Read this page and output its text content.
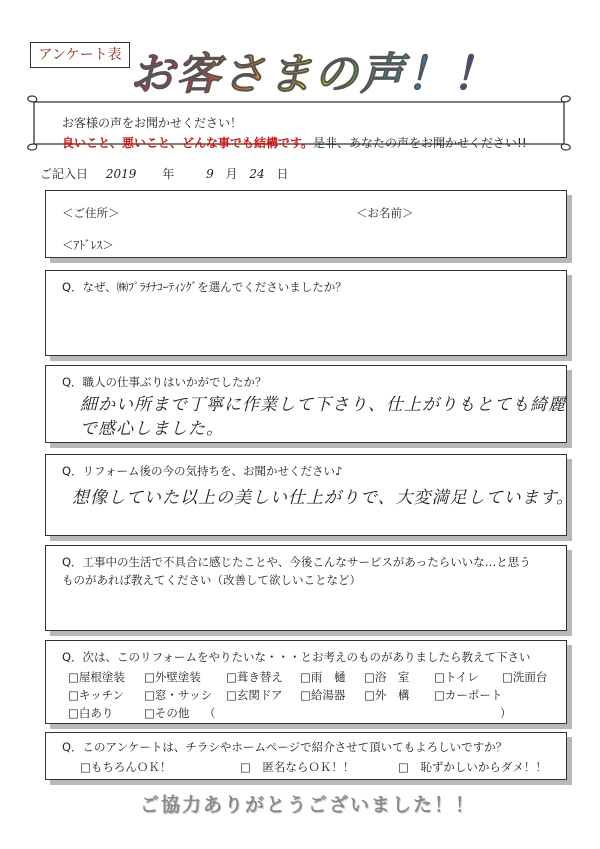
アンケート表 お客さまの声！！
お客様の声をお聞かせください！
良いこと、悪いこと、どんな事でも結構です。是非、あなたの声をお聞かせください!!
ご記入日 2019 年	9 月 24 日
＜ご住所＞	＜お名前＞
＜ｱﾄﾞﾚｽ＞
Q．なぜ、㈱ﾌﾟﾗﾁﾅｺｰﾃｨﾝｸﾞを選んでくださいましたか？
Q．職人の仕事ぶりはいかがでしたか？
細かい所まで丁寧に作業して下さり、仕上がりもとても綺麗
で感心しました。
Q．リフォーム後の今の気持ちを、お聞かせください♪
想像していた以上の美しい仕上がりで、大変満足しています。
Q．工事中の生活で不具合に感じたことや、今後こんなサービスがあったらいいな…と思う
ものがあれば教えてください（改善して欲しいことなど）
Q．次は、このリフォームをやりたいな・・・とお考えのものがありましたら教えて下さい
□屋根塗装 □外壁塗装 □葺き替え □雨　樋 □浴　室 □トイレ □洗面台
□キッチン □窓・サッシ □玄関ドア □給湯器 □外　構 □カーポート
□白あり	□その他 （	）
Q．このアンケートは、チラシやホームページで紹介させて頂いてもよろしいですか？
□もちろんＯＫ！	□　匿名ならＯＫ！！	□　恥ずかしいからダメ！！
ご協力ありがとうございました！！
